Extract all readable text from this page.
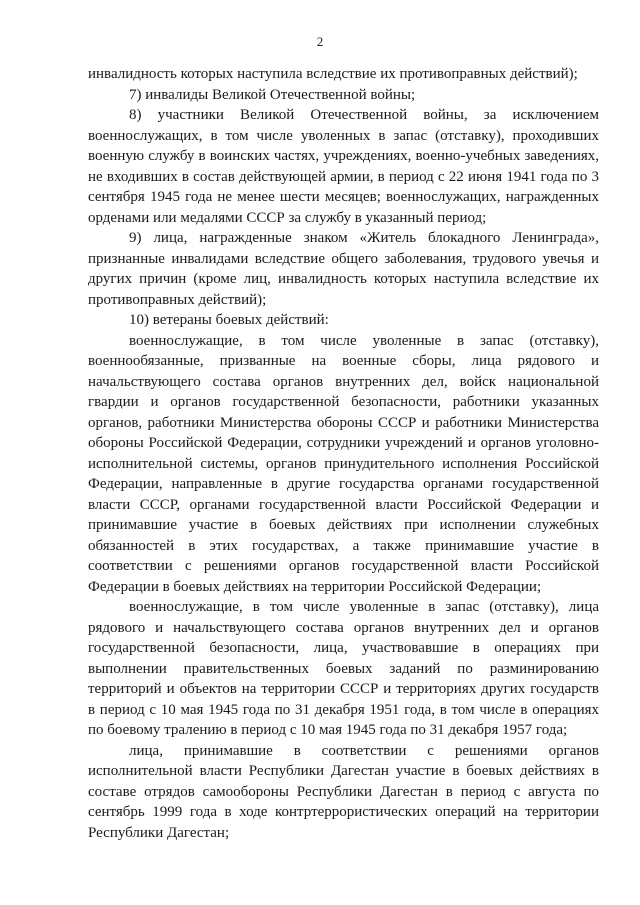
2

инвалидность которых наступила вследствие их противоправных действий);

7) инвалиды Великой Отечественной войны;

8) участники Великой Отечественной войны, за исключением военнослужащих, в том числе уволенных в запас (отставку), проходивших военную службу в воинских частях, учреждениях, военно-учебных заведениях, не входивших в состав действующей армии, в период с 22 июня 1941 года по 3 сентября 1945 года не менее шести месяцев; военнослужащих, награжденных орденами или медалями СССР за службу в указанный период;

9) лица, награжденные знаком «Житель блокадного Ленинграда», признанные инвалидами вследствие общего заболевания, трудового увечья и других причин (кроме лиц, инвалидность которых наступила вследствие их противоправных действий);

10) ветераны боевых действий:

военнослужащие, в том числе уволенные в запас (отставку), военнообязанные, призванные на военные сборы, лица рядового и начальствующего состава органов внутренних дел, войск национальной гвардии и органов государственной безопасности, работники указанных органов, работники Министерства обороны СССР и работники Министерства обороны Российской Федерации, сотрудники учреждений и органов уголовно-исполнительной системы, органов принудительного исполнения Российской Федерации, направленные в другие государства органами государственной власти СССР, органами государственной власти Российской Федерации и принимавшие участие в боевых действиях при исполнении служебных обязанностей в этих государствах, а также принимавшие участие в соответствии с решениями органов государственной власти Российской Федерации в боевых действиях на территории Российской Федерации;

военнослужащие, в том числе уволенные в запас (отставку), лица рядового и начальствующего состава органов внутренних дел и органов государственной безопасности, лица, участвовавшие в операциях при выполнении правительственных боевых заданий по разминированию территорий и объектов на территории СССР и территориях других государств в период с 10 мая 1945 года по 31 декабря 1951 года, в том числе в операциях по боевому тралению в период с 10 мая 1945 года по 31 декабря 1957 года;

лица, принимавшие в соответствии с решениями органов исполнительной власти Республики Дагестан участие в боевых действиях в составе отрядов самообороны Республики Дагестан в период с августа по сентябрь 1999 года в ходе контртеррористических операций на территории Республики Дагестан;
